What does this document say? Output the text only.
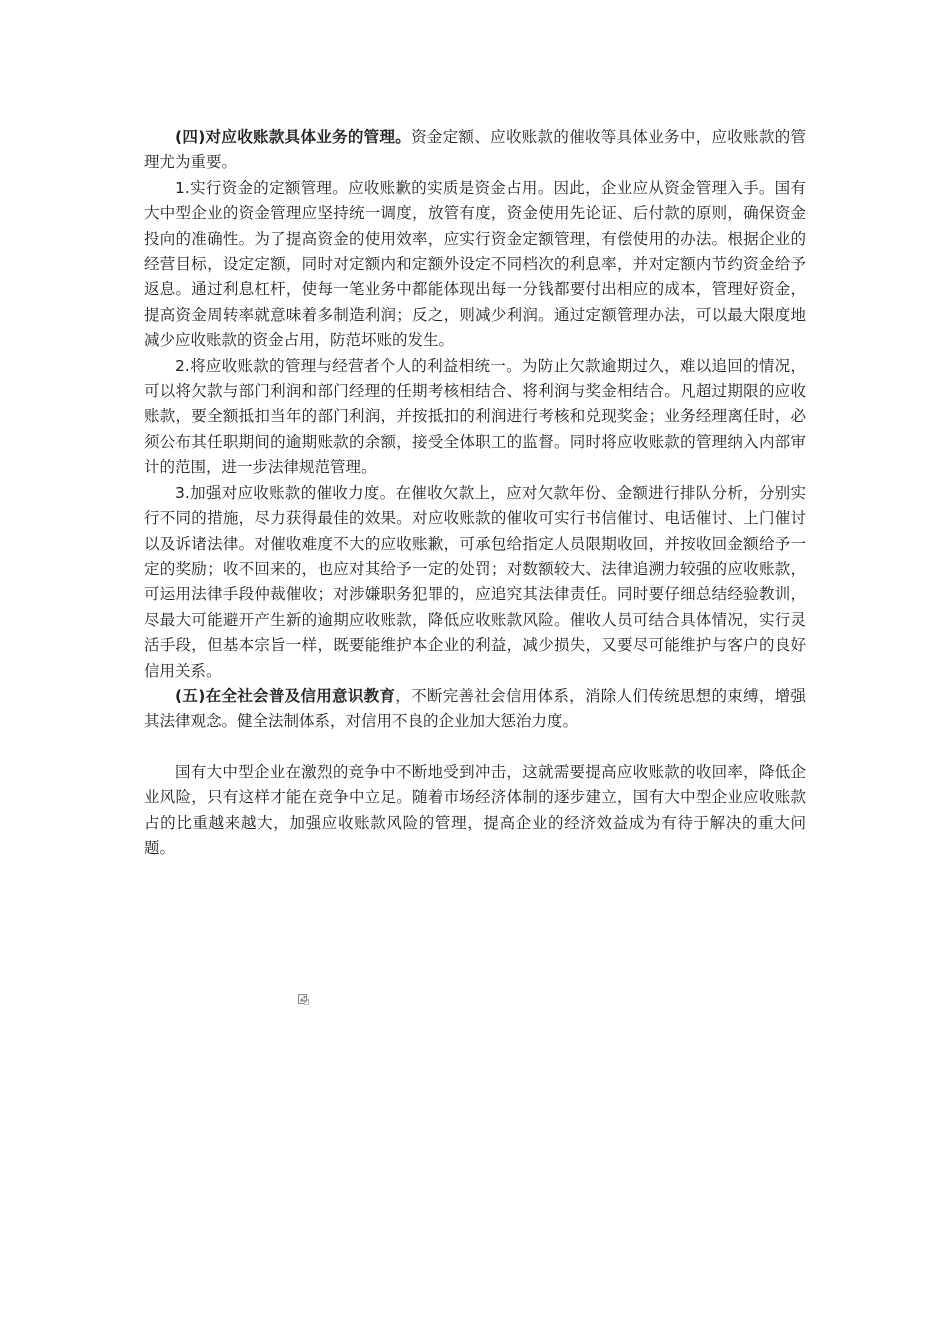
(四)对应收账款具体业务的管理。资金定额、应收账款的催收等具体业务中，应收账款的管理尤为重要。

1.实行资金的定额管理。应收账歉的实质是资金占用。因此，企业应从资金管理入手。国有大中型企业的资金管理应坚持统一调度，放管有度，资金使用先论证、后付款的原则，确保资金投向的准确性。为了提高资金的使用效率，应实行资金定额管理，有偿使用的办法。根据企业的经营目标，设定定额，同时对定额内和定额外设定不同档次的利息率，并对定额内节约资金给予返息。通过利息杠杆，使每一笔业务中都能体现出每一分钱都要付出相应的成本，管理好资金，提高资金周转率就意味着多制造利润；反之，则减少利润。通过定额管理办法，可以最大限度地减少应收账款的资金占用，防范坏账的发生。

2.将应收账款的管理与经营者个人的利益相统一。为防止欠款逾期过久，难以追回的情况，可以将欠款与部门利润和部门经理的任期考核相结合、将利润与奖金相结合。凡超过期限的应收账款，要全额抵扣当年的部门利润，并按抵扣的利润进行考核和兑现奖金；业务经理离任时，必须公布其任职期间的逾期账款的余额，接受全体职工的监督。同时将应收账款的管理纳入内部审计的范围，进一步法律规范管理。

3.加强对应收账款的催收力度。在催收欠款上，应对欠款年份、金额进行排队分析，分别实行不同的措施，尽力获得最佳的效果。对应收账款的催收可实行书信催讨、电话催讨、上门催讨以及诉诸法律。对催收难度不大的应收账歉，可承包给指定人员限期收回，并按收回金额给予一定的奖励；收不回来的，也应对其给予一定的处罚；对数额较大、法律追溯力较强的应收账款，可运用法律手段仲裁催收；对涉嫌职务犯罪的，应追究其法律责任。同时要仔细总结经验教训，尽最大可能避开产生新的逾期应收账款，降低应收账款风险。催收人员可结合具体情况，实行灵活手段，但基本宗旨一样，既要能维护本企业的利益，减少损失，又要尽可能维护与客户的良好信用关系。

(五)在全社会普及信用意识教育，不断完善社会信用体系，消除人们传统思想的束缚，增强其法律观念。健全法制体系，对信用不良的企业加大惩治力度。

国有大中型企业在激烈的竞争中不断地受到冲击，这就需要提高应收账款的收回率，降低企业风险，只有这样才能在竞争中立足。随着市场经济体制的逐步建立，国有大中型企业应收账款占的比重越来越大，加强应收账款风险的管理，提高企业的经济效益成为有待于解决的重大问题。
